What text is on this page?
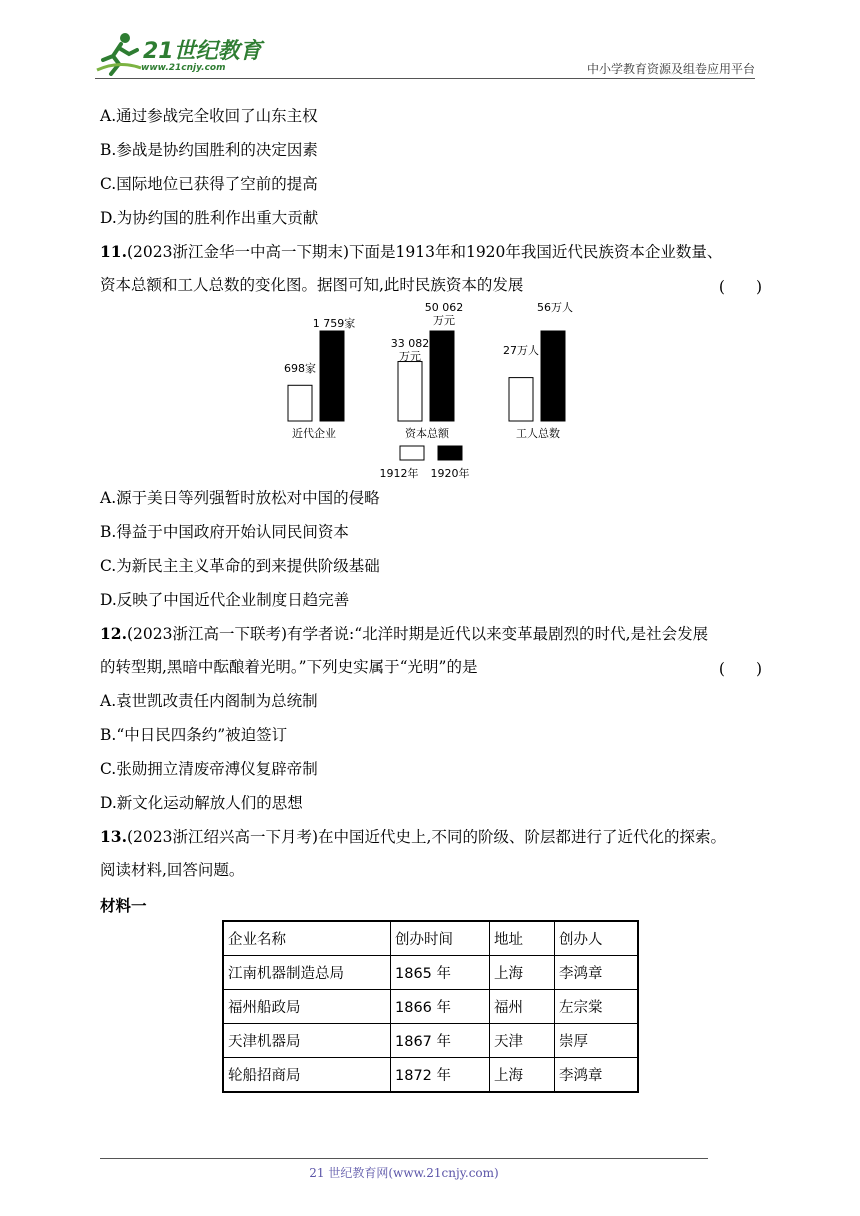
21世纪教育
www.21cnjy.com	中小学教育资源及组卷应用平台
A.通过参战完全收回了山东主权
B.参战是协约国胜利的决定因素
C.国际地位已获得了空前的提高
D.为协约国的胜利作出重大贡献
11.(2023浙江金华一中高一下期末)下面是1913年和1920年我国近代民族资本企业数量、
资本总额和工人总数的变化图。据图可知,此时民族资本的发展	(　　)
近代企业	资本总额	工人总数
698家
1 759家
33 082
万元
50 062
万元
27万人
56万人
1912年 1920年
A.源于美日等列强暂时放松对中国的侵略
B.得益于中国政府开始认同民间资本
C.为新民主主义革命的到来提供阶级基础
D.反映了中国近代企业制度日趋完善
12.(2023浙江高一下联考)有学者说:“北洋时期是近代以来变革最剧烈的时代,是社会发展
的转型期,黑暗中酝酿着光明。”下列史实属于“光明”的是	(　　)
A.袁世凯改责任内阁制为总统制
B.“中日民四条约”被迫签订
C.张勋拥立清废帝溥仪复辟帝制
D.新文化运动解放人们的思想
13.(2023浙江绍兴高一下月考)在中国近代史上,不同的阶级、阶层都进行了近代化的探索。
阅读材料,回答问题。
材料一
企业名称	创办时间	地址	创办人
江南机器制造总局	1865 年	上海	李鸿章
福州船政局	1866 年	福州	左宗棠
天津机器局	1867 年	天津	崇厚
轮船招商局	1872 年	上海	李鸿章
21 世纪教育网(www.21cnjy.com)
